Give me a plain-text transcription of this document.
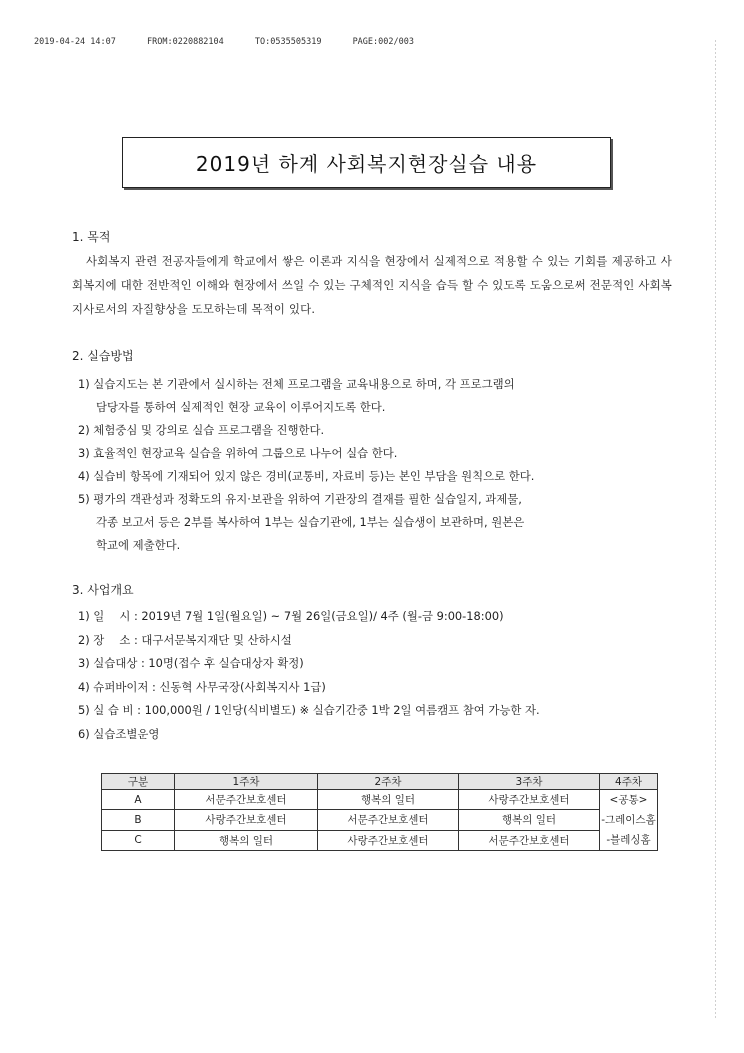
2019-04-24 14:07	FROM:0220882104	TO:0535505319	PAGE:002/003
2019년 하계 사회복지현장실습 내용

1. 목적

사회복지 관련 전공자들에게 학교에서 쌓은 이론과 지식을 현장에서 실제적으로 적용할 수 있는 기회를 제공하고 사회복지에 대한 전반적인 이해와 현장에서 쓰일 수 있는 구체적인 지식을 습득 할 수 있도록 도움으로써 전문적인 사회복지사로서의 자질향상을 도모하는데 목적이 있다.

2. 실습방법

1) 실습지도는 본 기관에서 실시하는 전체 프로그램을 교육내용으로 하며, 각 프로그램의
담당자를 통하여 실제적인 현장 교육이 이루어지도록 한다.
2) 체험중심 및 강의로 실습 프로그램을 진행한다.
3) 효율적인 현장교육 실습을 위하여 그룹으로 나누어 실습 한다.
4) 실습비 항목에 기재되어 있지 않은 경비(교통비, 자료비 등)는 본인 부담을 원칙으로 한다.
5) 평가의 객관성과 정확도의 유지·보관을 위하여 기관장의 결재를 필한 실습일지, 과제물,
각종 보고서 등은 2부를 복사하여 1부는 실습기관에, 1부는 실습생이 보관하며, 원본은
학교에 제출한다.

3. 사업개요

1) 일　 시 : 2019년 7월 1일(월요일) ~ 7월 26일(금요일)/ 4주 (월-금 9:00-18:00)
2) 장　 소 : 대구서문복지재단 및 산하시설
3) 실습대상 : 10명(접수 후 실습대상자 확정)
4) 슈퍼바이저 : 신동혁 사무국장(사회복지사 1급)
5) 실 습 비 : 100,000원 / 1인당(식비별도) ※ 실습기간중 1박 2일 여름캠프 참여 가능한 자.
6) 실습조별운영
구분	1주차	2주차	3주차	4주차
A	서문주간보호센터	행복의 일터	사랑주간보호센터	<공통>
-그레이스홈
-블레싱홈

B	사랑주간보호센터	서문주간보호센터	행복의 일터	
C	행복의 일터	사랑주간보호센터	서문주간보호센터	
